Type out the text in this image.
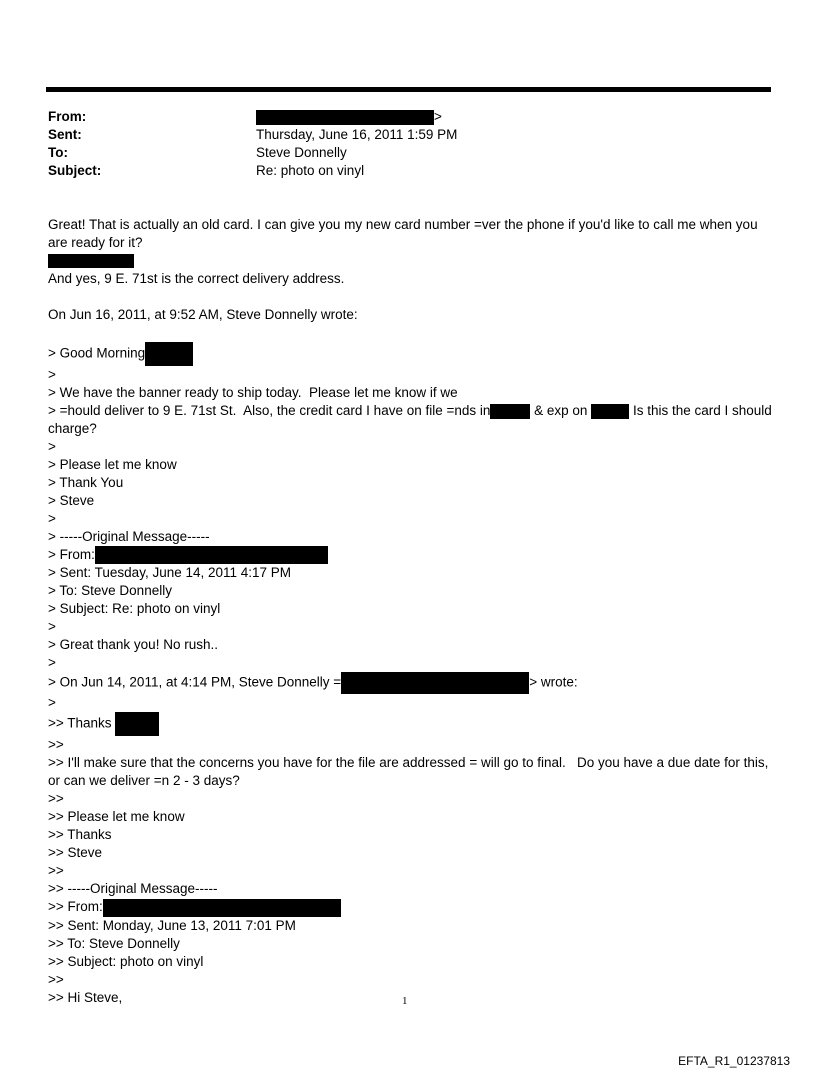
From:	>
Sent:	Thursday, June 16, 2011 1:59 PM
To:	Steve Donnelly
Subject:	Re: photo on vinyl

Great! That is actually an old card. I can give you my new card number =ver the phone if you'd like to call me when you are ready for it?

And yes, 9 E. 71st is the correct delivery address.

On Jun 16, 2011, at 9:52 AM, Steve Donnelly wrote:

> Good Morning

>

> We have the banner ready to ship today.  Please let me know if we

> =hould deliver to 9 E. 71st St.  Also, the credit card I have on file =nds in	& exp on	Is this the card I should charge?

>

> Please let me know

> Thank You

> Steve

>

> -----Original Message-----

> From:

> Sent: Tuesday, June 14, 2011 4:17 PM

> To: Steve Donnelly

> Subject: Re: photo on vinyl

>

> Great thank you! No rush..

>

> On Jun 14, 2011, at 4:14 PM, Steve Donnelly =	> wrote:

>

>> Thanks

>>

>> I'll make sure that the concerns you have for the file are addressed = will go to final.   Do you have a due date for this, or can we deliver =n 2 - 3 days?

>>

>> Please let me know

>> Thanks

>> Steve

>>

>> -----Original Message-----

>> From:

>> Sent: Monday, June 13, 2011 7:01 PM

>> To: Steve Donnelly

>> Subject: photo on vinyl

>>

>> Hi Steve,	1
EFTA_R1_01237813
